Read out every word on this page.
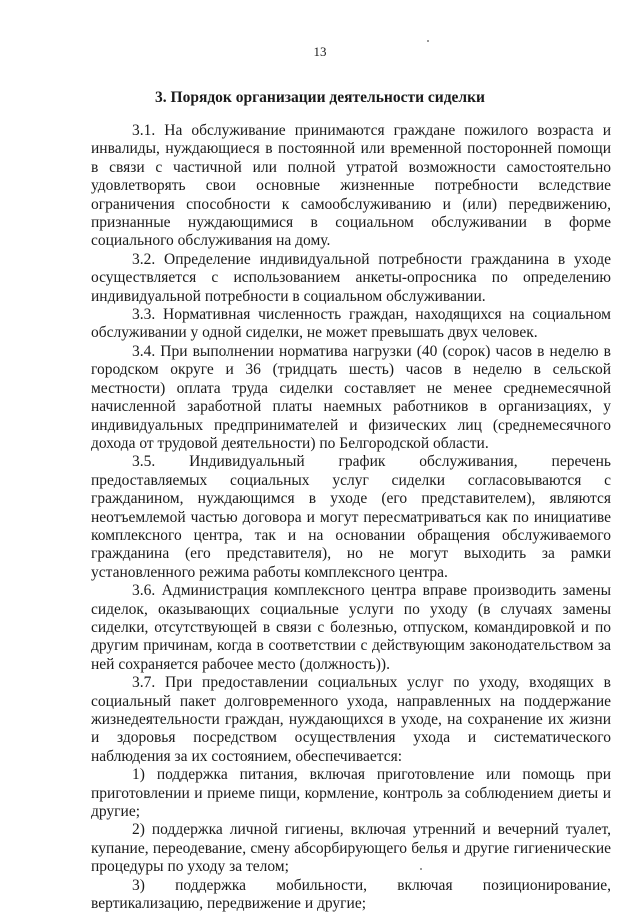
13
3. Порядок организации деятельности сиделки

3.1. На обслуживание принимаются граждане пожилого возраста и инвалиды, нуждающиеся в постоянной или временной посторонней помощи в связи с частичной или полной утратой возможности самостоятельно удовлетворять свои основные жизненные потребности вследствие ограничения способности к самообслуживанию и (или) передвижению, признанные нуждающимися в социальном обслуживании в форме социального обслуживания на дому.

3.2. Определение индивидуальной потребности гражданина в уходе осуществляется с использованием анкеты-опросника по определению индивидуальной потребности в социальном обслуживании.

3.3. Нормативная численность граждан, находящихся на социальном обслуживании у одной сиделки, не может превышать двух человек.

3.4. При выполнении норматива нагрузки (40 (сорок) часов в неделю в городском округе и 36 (тридцать шесть) часов в неделю в сельской местности) оплата труда сиделки составляет не менее среднемесячной начисленной заработной платы наемных работников в организациях, у индивидуальных предпринимателей и физических лиц (среднемесячного дохода от трудовой деятельности) по Белгородской области.

3.5. Индивидуальный график обслуживания, перечень предоставляемых социальных услуг сиделки согласовываются с гражданином, нуждающимся в уходе (его представителем), являются неотъемлемой частью договора и могут пересматриваться как по инициативе комплексного центра, так и на основании обращения обслуживаемого гражданина (его представителя), но не могут выходить за рамки установленного режима работы комплексного центра.

3.6. Администрация комплексного центра вправе производить замены сиделок, оказывающих социальные услуги по уходу (в случаях замены сиделки, отсутствующей в связи с болезнью, отпуском, командировкой и по другим причинам, когда в соответствии с действующим законодательством за ней сохраняется рабочее место (должность)).

3.7. При предоставлении социальных услуг по уходу, входящих в социальный пакет долговременного ухода, направленных на поддержание жизнедеятельности граждан, нуждающихся в уходе, на сохранение их жизни и здоровья посредством осуществления ухода и систематического наблюдения за их состоянием, обеспечивается:

1) поддержка питания, включая приготовление или помощь при приготовлении и приеме пищи, кормление, контроль за соблюдением диеты и другие;

2) поддержка личной гигиены, включая утренний и вечерний туалет, купание, переодевание, смену абсорбирующего белья и другие гигиенические процедуры по уходу за телом;

3) поддержка мобильности, включая позиционирование, вертикализацию, передвижение и другие;
